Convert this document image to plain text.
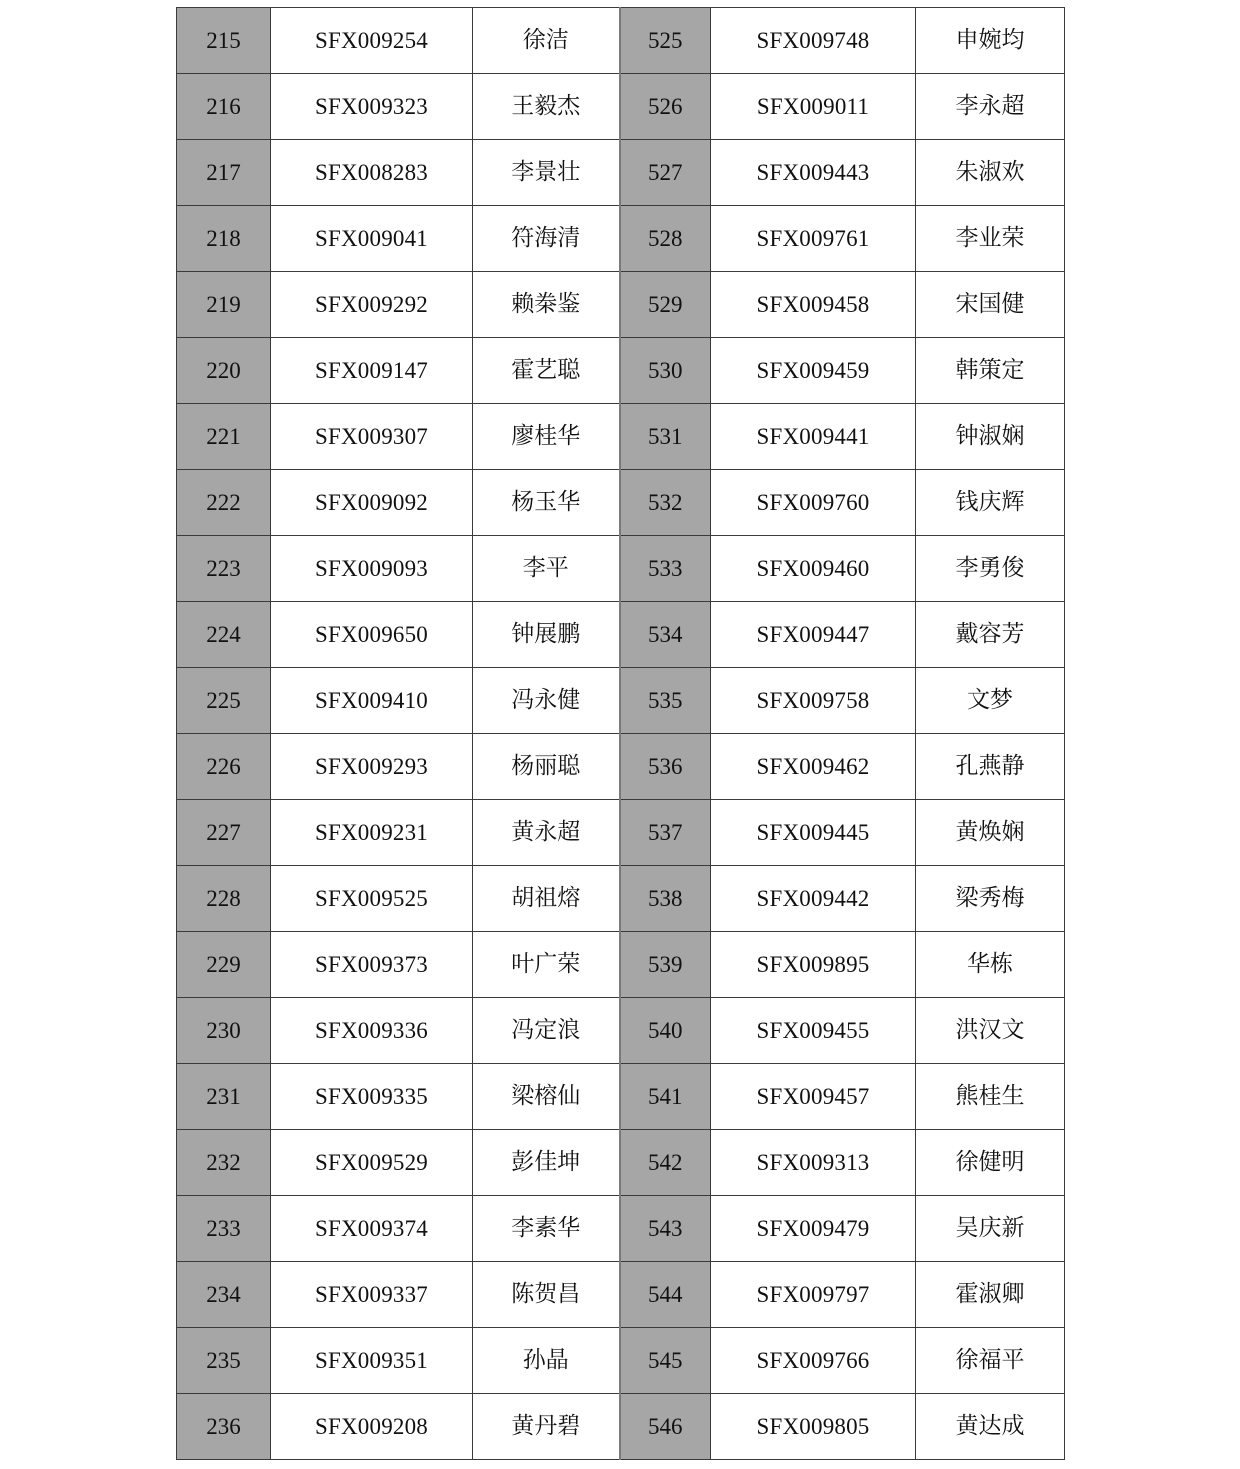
215	SFX009254	徐洁	525	SFX009748	申婉均
216	SFX009323	王毅杰	526	SFX009011	李永超
217	SFX008283	李景壮	527	SFX009443	朱淑欢
218	SFX009041	符海清	528	SFX009761	李业荣
219	SFX009292	赖桊鉴	529	SFX009458	宋国健
220	SFX009147	霍艺聪	530	SFX009459	韩策定
221	SFX009307	廖桂华	531	SFX009441	钟淑娴
222	SFX009092	杨玉华	532	SFX009760	钱庆辉
223	SFX009093	李平	533	SFX009460	李勇俊
224	SFX009650	钟展鹏	534	SFX009447	戴容芳
225	SFX009410	冯永健	535	SFX009758	文梦
226	SFX009293	杨丽聪	536	SFX009462	孔燕静
227	SFX009231	黄永超	537	SFX009445	黄焕娴
228	SFX009525	胡祖熔	538	SFX009442	梁秀梅
229	SFX009373	叶广荣	539	SFX009895	华栋
230	SFX009336	冯定浪	540	SFX009455	洪汉文
231	SFX009335	梁榕仙	541	SFX009457	熊桂生
232	SFX009529	彭佳坤	542	SFX009313	徐健明
233	SFX009374	李素华	543	SFX009479	吴庆新
234	SFX009337	陈贺昌	544	SFX009797	霍淑卿
235	SFX009351	孙晶	545	SFX009766	徐福平
236	SFX009208	黄丹碧	546	SFX009805	黄达成
